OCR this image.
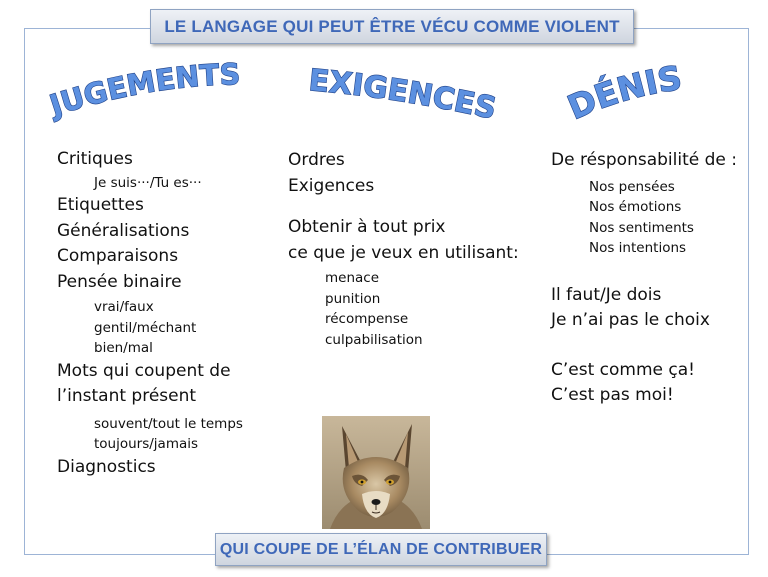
LE LANGAGE QUI PEUT ÊTRE VÉCU COMME VIOLENT
JUGEMENTS EXIGENCES DÉNIS
Critiques
Je suis···/Tu es···
Etiquettes
Généralisations
Comparaisons
Pensée binaire
vrai/faux
gentil/méchant
bien/mal
Mots qui coupent de
l’instant présent
souvent/tout le temps
toujours/jamais
Diagnostics
Ordres
Exigences
Obtenir à tout prix
ce que je veux en utilisant:
menace
punition
récompense
culpabilisation
De résponsabilité de :
Nos pensées
Nos émotions
Nos sentiments
Nos intentions
Il faut/Je dois
Je n’ai pas le choix
C’est comme ça!
C’est pas moi!
QUI COUPE DE L’ÉLAN DE CONTRIBUER
